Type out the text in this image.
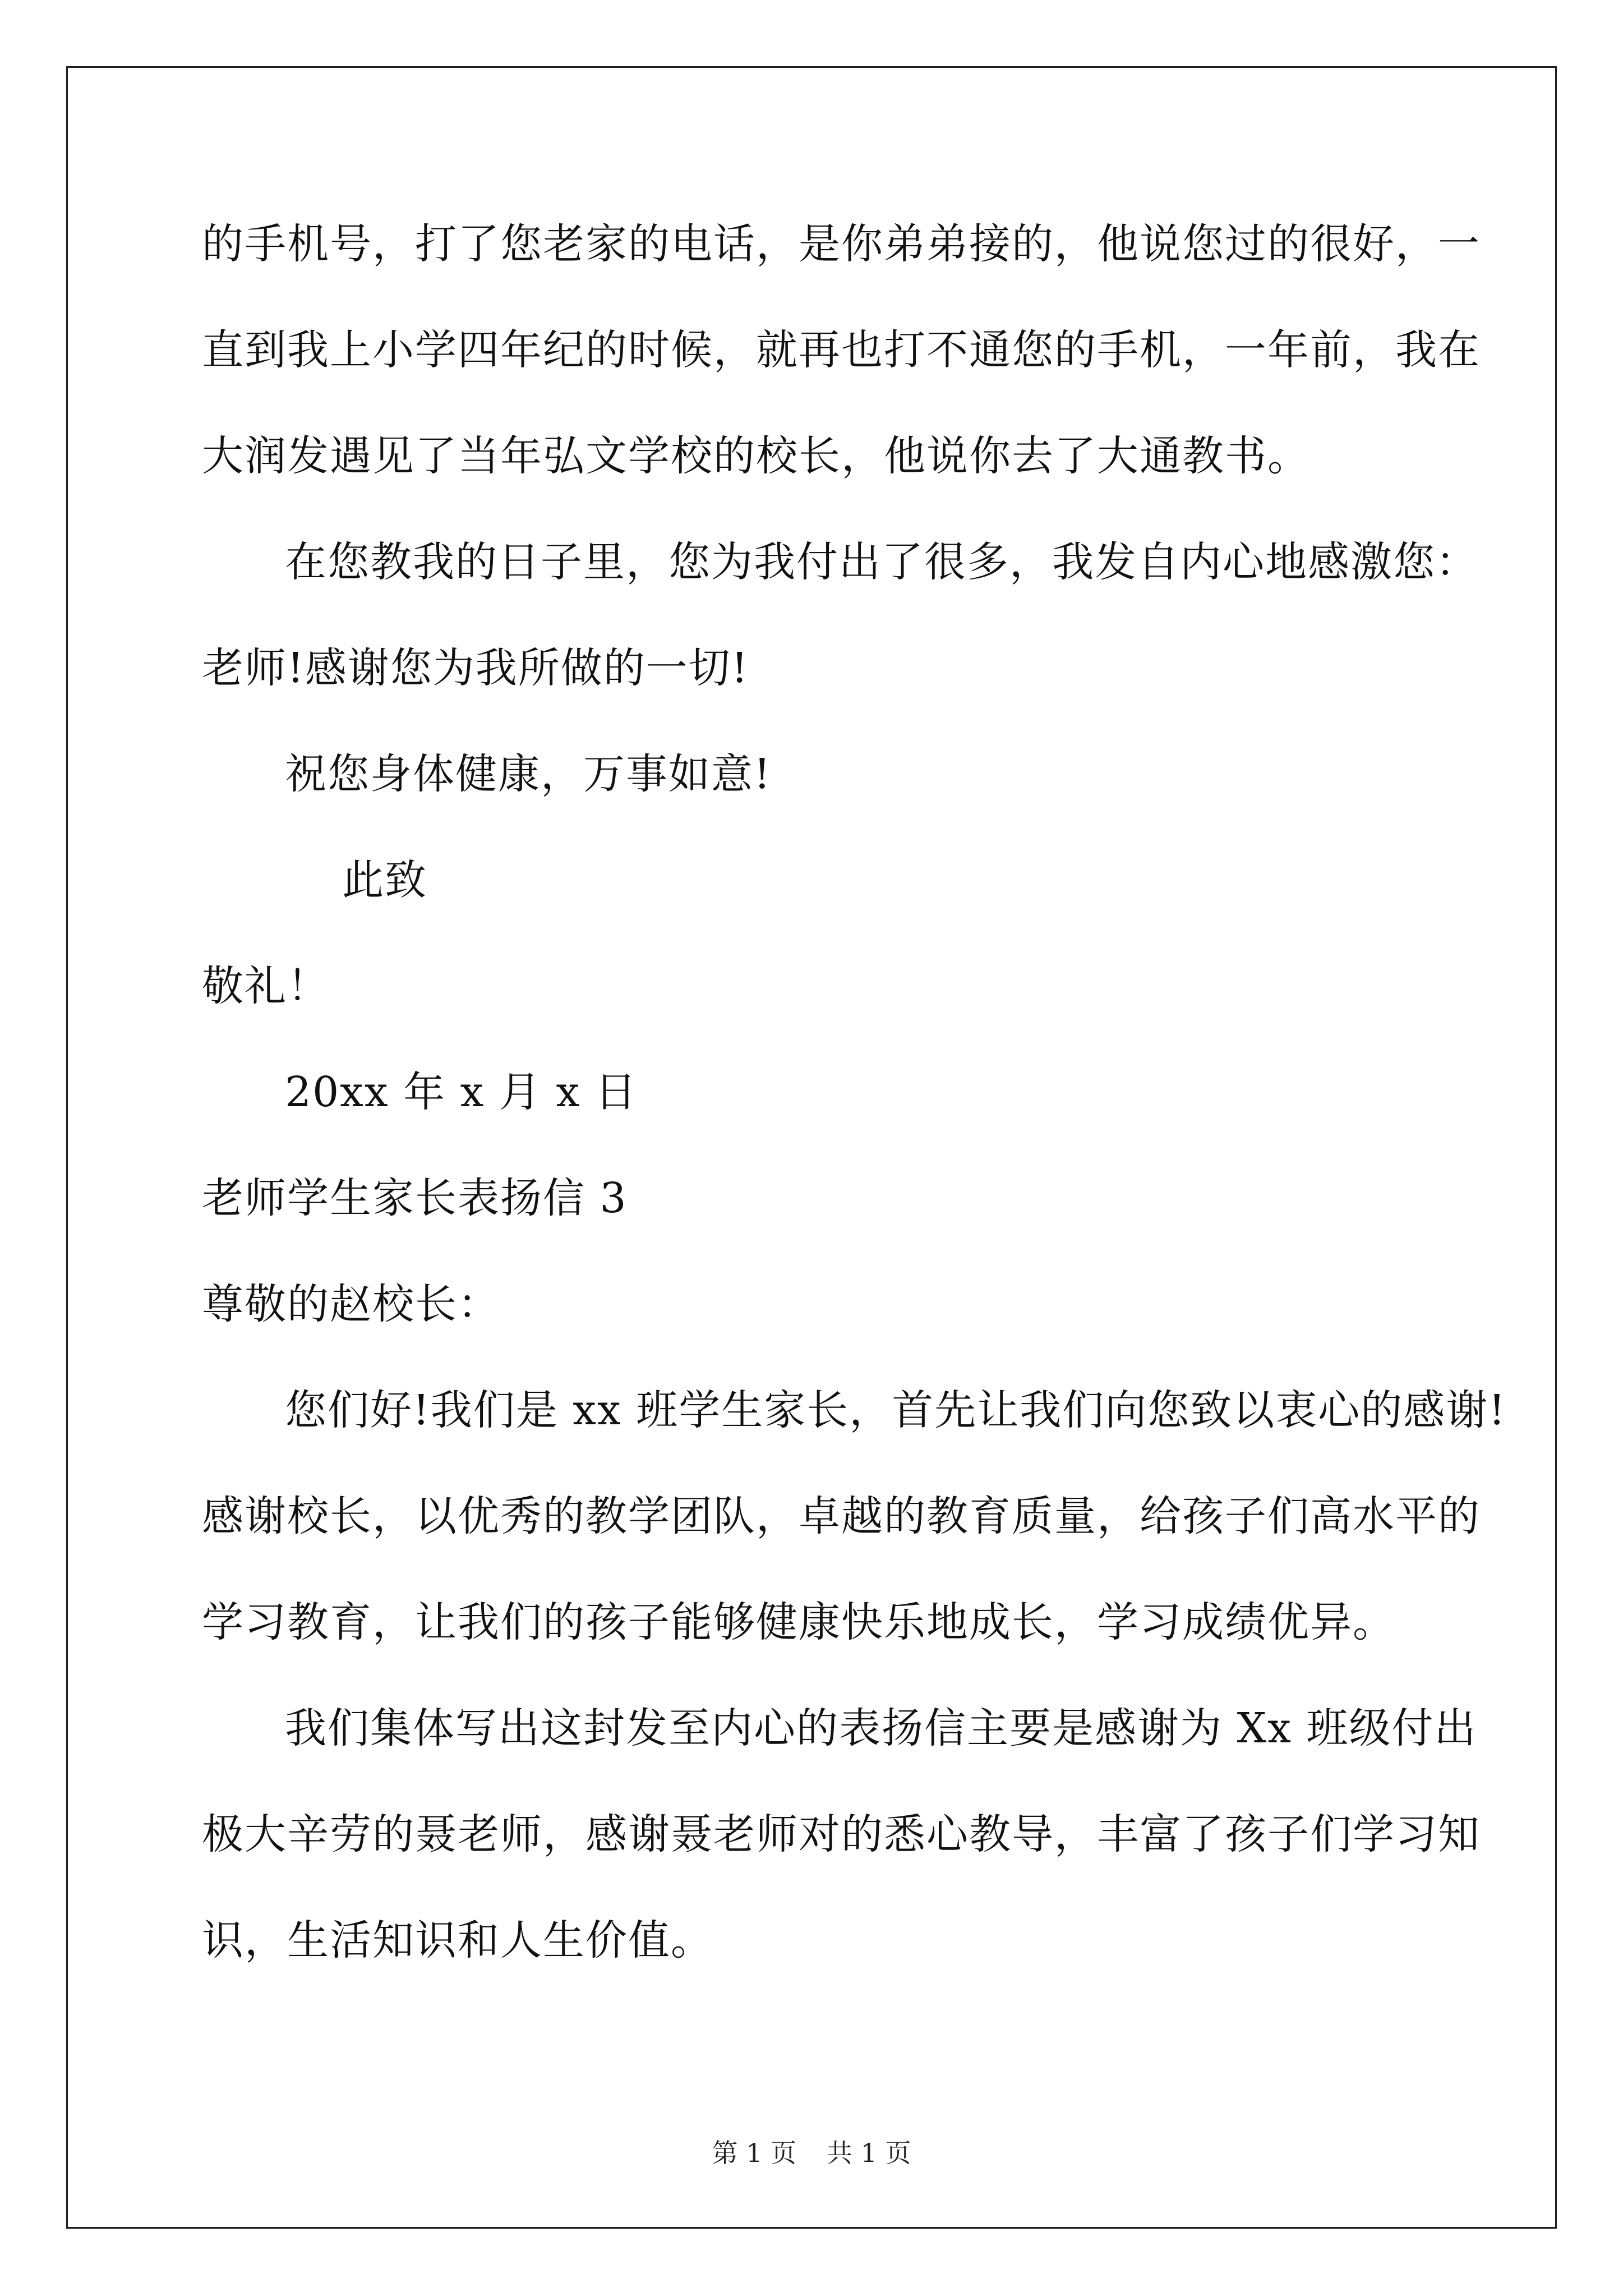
的手机号，打了您老家的电话，是你弟弟接的，他说您过的很好，一
直到我上小学四年纪的时候，就再也打不通您的手机，一年前，我在
大润发遇见了当年弘文学校的校长，他说你去了大通教书。
在您教我的日子里，您为我付出了很多，我发自内心地感激您：
老师!感谢您为我所做的一切!
祝您身体健康，万事如意!
此致
敬礼！
20xx 年 x 月 x 日
老师学生家长表扬信 3
尊敬的赵校长：
您们好!我们是 xx 班学生家长，首先让我们向您致以衷心的感谢!
感谢校长，以优秀的教学团队，卓越的教育质量，给孩子们高水平的
学习教育，让我们的孩子能够健康快乐地成长，学习成绩优异。
我们集体写出这封发至内心的表扬信主要是感谢为 Xx 班级付出
极大辛劳的聂老师，感谢聂老师对的悉心教导，丰富了孩子们学习知
识，生活知识和人生价值。
第 1 页 共 1 页
